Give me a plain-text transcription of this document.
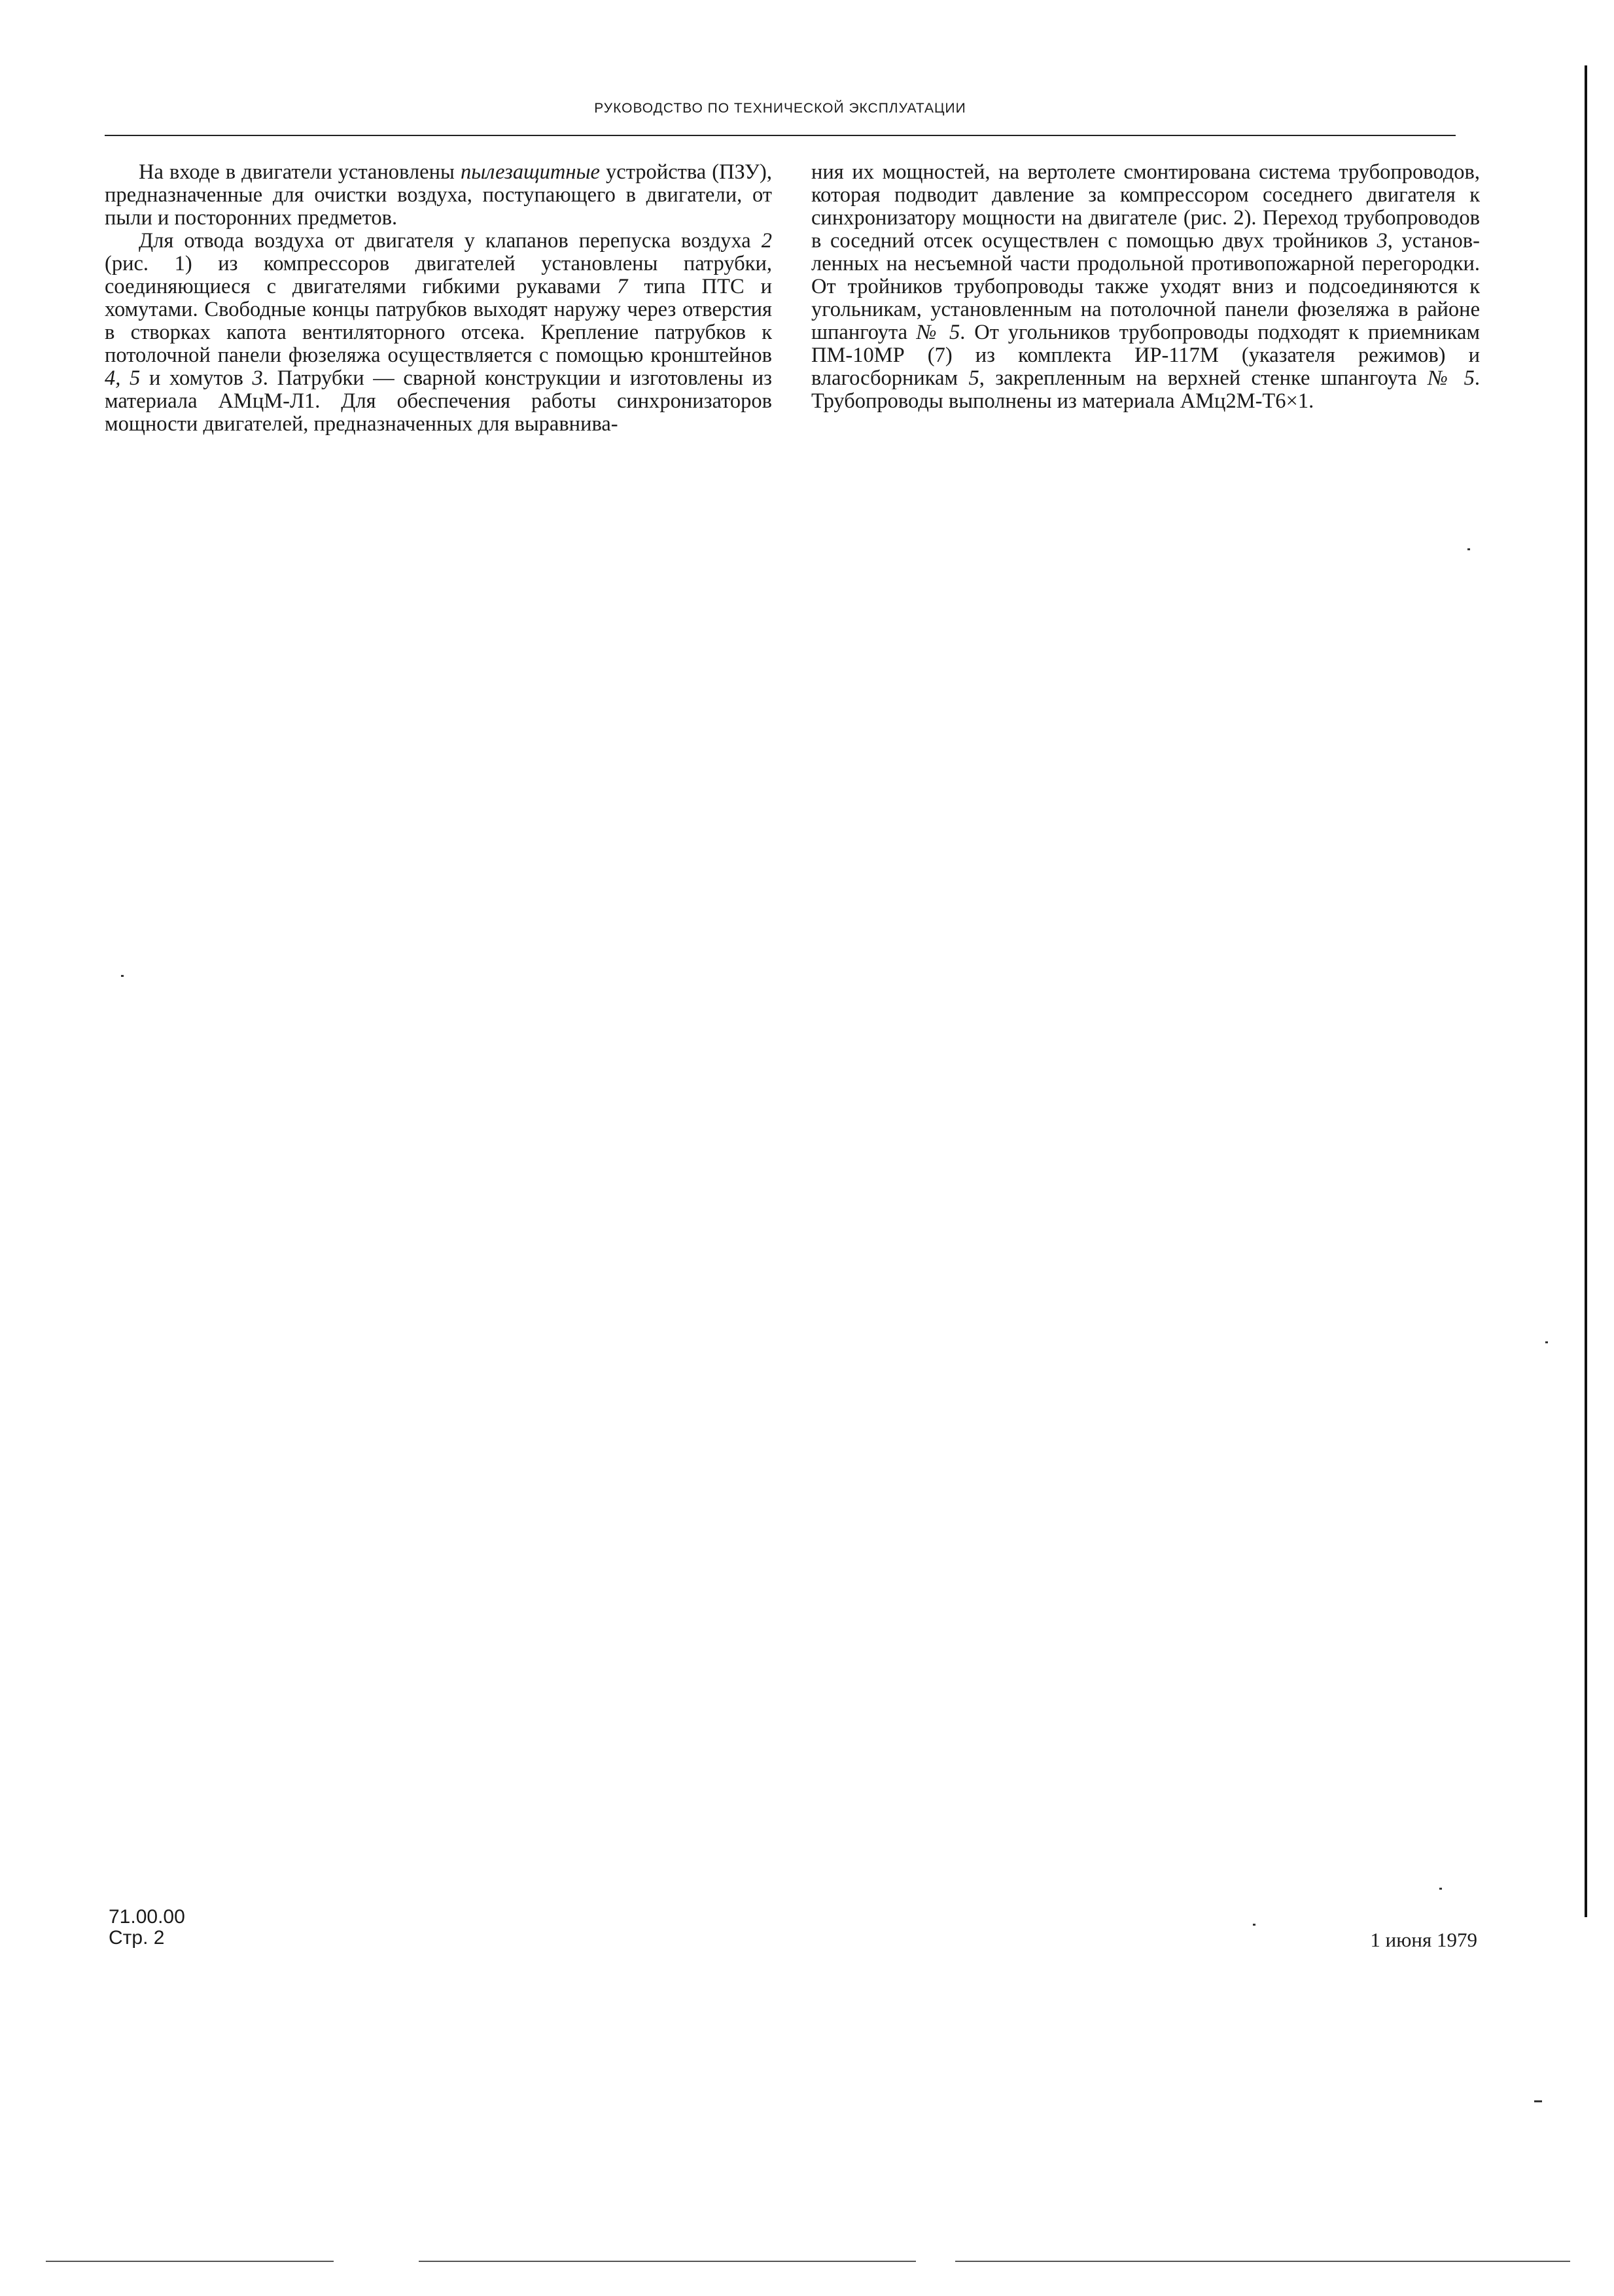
РУКОВОДСТВО ПО ТЕХНИЧЕСКОЙ ЭКСПЛУАТАЦИИ

На входе в двигатели установлены пылезащитные устройства (ПЗУ), предназначенные для очистки воздуха, поступающего в двигатели, от пыли и посторонних предметов.

Для отвода воздуха от двигателя у клапанов перепуска воздуха 2 (рис. 1) из компрессоров двигателей установлены патрубки, соединяющиеся с двигателями гибкими рукавами 7 типа ПТС и хомутами. Свободные концы патрубков выходят наружу через отверстия в створках капота вентиляторного отсека. Крепление патрубков к потолочной панели фюзеляжа осуществляется с помощью кронштейнов 4, 5 и хомутов 3. Патрубки — сварной конструкции и изготовлены из материала АМцМ-Л1. Для обеспечения работы синхронизаторов мощности двигателей, предназначенных для выравнива-

ния их мощностей, на вертолете смонтирована система трубопроводов, которая подводит давление за компрессором соседнего двигателя к синхронизатору мощности на двигателе (рис. 2). Переход трубопроводов в соседний отсек осуществлен с помощью двух тройников 3, установленных на несъемной части продольной противопожарной перегородки. От тройников трубопроводы также уходят вниз и подсоединяются к угольникам, установленным на потолочной панели фюзеляжа в районе шпангоута № 5. От угольников трубопроводы подходят к приемникам ПМ-10МР (7) из комплекта ИР-117М (указателя режимов) и влагосборникам 5, закрепленным на верхней стенке шпангоута № 5. Трубопроводы выполнены из материала АМц2М-Т6×1.

71.00.00
Стр. 2	1 июня 1979
